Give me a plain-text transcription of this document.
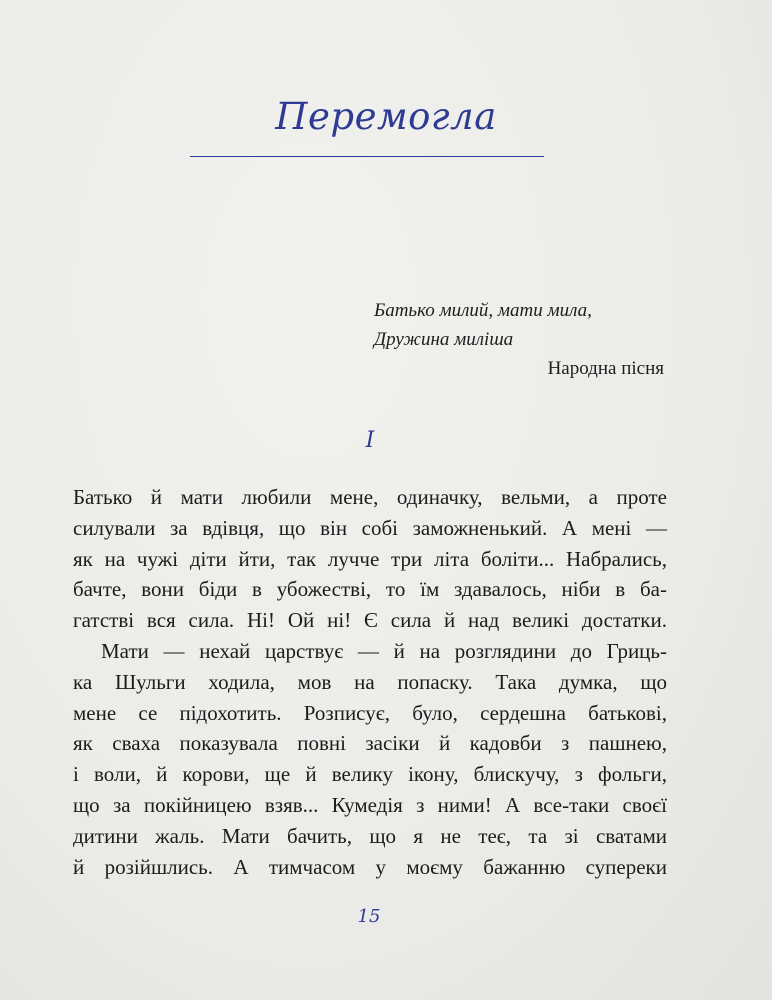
Перемогла
Батько милий, мати мила,
Дружина миліша
Народна пісня
I
Батько й мати любили мене, одиначку, вельми, а проте
силували за вдівця, що він собі заможненький. А мені —
як на чужі діти йти, так лучче три літа боліти... Набрались,
бачте, вони біди в убожестві, то їм здавалось, ніби в ба-
гатстві вся сила. Ні! Ой ні! Є сила й над великі достатки.
Мати — нехай царствує — й на розглядини до Гриць-
ка Шульги ходила, мов на попаску. Така думка, що
мене се підохотить. Розписує, було, сердешна батькові,
як сваха показувала повні засіки й кадовби з пашнею,
і воли, й корови, ще й велику ікону, блискучу, з фольги,
що за покійницею взяв... Кумедія з ними! А все-таки своєї
дитини жаль. Мати бачить, що я не теє, та зі сватами
й розійшлись. А тимчасом у моєму бажанню супереки
15
